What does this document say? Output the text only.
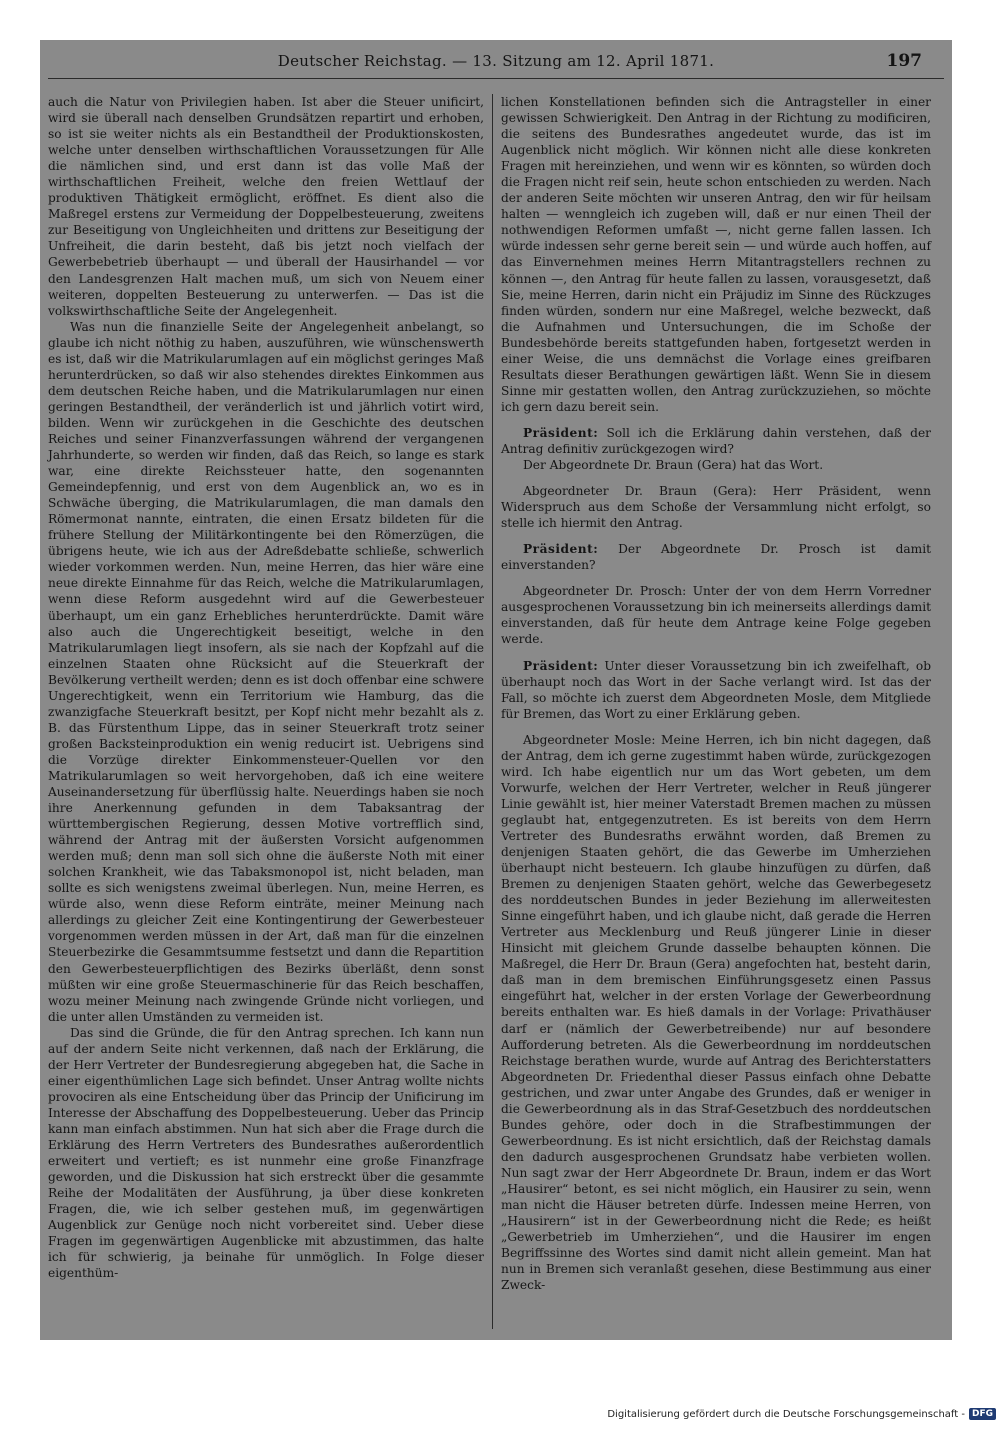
Deutscher Reichstag. — 13. Sitzung am 12. April 1871.	197

auch die Natur von Privilegien haben. Ist aber die Steuer unificirt, wird sie überall nach denselben Grundsätzen repartirt und erhoben, so ist sie weiter nichts als ein Bestandtheil der Produktionskosten, welche unter denselben wirthschaftlichen Voraussetzungen für Alle die nämlichen sind, und erst dann ist das volle Maß der wirthschaftlichen Freiheit, welche den freien Wettlauf der produktiven Thätigkeit ermöglicht, eröffnet. Es dient also die Maßregel erstens zur Vermeidung der Doppelbesteuerung, zweitens zur Beseitigung von Ungleichheiten und drittens zur Beseitigung der Unfreiheit, die darin besteht, daß bis jetzt noch vielfach der Gewerbebetrieb überhaupt — und überall der Hausirhandel — vor den Landesgrenzen Halt machen muß, um sich von Neuem einer weiteren, doppelten Besteuerung zu unterwerfen. — Das ist die volkswirthschaftliche Seite der Angelegenheit.

Was nun die finanzielle Seite der Angelegenheit anbelangt, so glaube ich nicht nöthig zu haben, auszuführen, wie wünschenswerth es ist, daß wir die Matrikularumlagen auf ein möglichst geringes Maß herunterdrücken, so daß wir also stehendes direktes Einkommen aus dem deutschen Reiche haben, und die Matrikularumlagen nur einen geringen Bestandtheil, der veränderlich ist und jährlich votirt wird, bilden. Wenn wir zurückgehen in die Geschichte des deutschen Reiches und seiner Finanzverfassungen während der vergangenen Jahrhunderte, so werden wir finden, daß das Reich, so lange es stark war, eine direkte Reichssteuer hatte, den sogenannten Gemeindepfennig, und erst von dem Augenblick an, wo es in Schwäche überging, die Matrikularumlagen, die man damals den Römermonat nannte, eintraten, die einen Ersatz bildeten für die frühere Stellung der Militärkontingente bei den Römerzügen, die übrigens heute, wie ich aus der Adreßdebatte schließe, schwerlich wieder vorkommen werden. Nun, meine Herren, das hier wäre eine neue direkte Einnahme für das Reich, welche die Matrikularumlagen, wenn diese Reform ausgedehnt wird auf die Gewerbesteuer überhaupt, um ein ganz Erhebliches herunterdrückte. Damit wäre also auch die Ungerechtigkeit beseitigt, welche in den Matrikularumlagen liegt insofern, als sie nach der Kopfzahl auf die einzelnen Staaten ohne Rücksicht auf die Steuerkraft der Bevölkerung vertheilt werden; denn es ist doch offenbar eine schwere Ungerechtigkeit, wenn ein Territorium wie Hamburg, das die zwanzigfache Steuerkraft besitzt, per Kopf nicht mehr bezahlt als z. B. das Fürstenthum Lippe, das in seiner Steuerkraft trotz seiner großen Backsteinproduktion ein wenig reducirt ist. Uebrigens sind die Vorzüge direkter Einkommensteuer-Quellen vor den Matrikularumlagen so weit hervorgehoben, daß ich eine weitere Auseinandersetzung für überflüssig halte. Neuerdings haben sie noch ihre Anerkennung gefunden in dem Tabaksantrag der württembergischen Regierung, dessen Motive vortrefflich sind, während der Antrag mit der äußersten Vorsicht aufgenommen werden muß; denn man soll sich ohne die äußerste Noth mit einer solchen Krankheit, wie das Tabaksmonopol ist, nicht beladen, man sollte es sich wenigstens zweimal überlegen. Nun, meine Herren, es würde also, wenn diese Reform einträte, meiner Meinung nach allerdings zu gleicher Zeit eine Kontingentirung der Gewerbesteuer vorgenommen werden müssen in der Art, daß man für die einzelnen Steuerbezirke die Gesammtsumme festsetzt und dann die Repartition den Gewerbesteuerpflichtigen des Bezirks überläßt, denn sonst müßten wir eine große Steuermaschinerie für das Reich beschaffen, wozu meiner Meinung nach zwingende Gründe nicht vorliegen, und die unter allen Umständen zu vermeiden ist.

Das sind die Gründe, die für den Antrag sprechen. Ich kann nun auf der andern Seite nicht verkennen, daß nach der Erklärung, die der Herr Vertreter der Bundesregierung abgegeben hat, die Sache in einer eigenthümlichen Lage sich befindet. Unser Antrag wollte nichts provociren als eine Entscheidung über das Princip der Unificirung im Interesse der Abschaffung des Doppelbesteuerung. Ueber das Princip kann man einfach abstimmen. Nun hat sich aber die Frage durch die Erklärung des Herrn Vertreters des Bundesrathes außerordentlich erweitert und vertieft; es ist nunmehr eine große Finanzfrage geworden, und die Diskussion hat sich erstreckt über die gesammte Reihe der Modalitäten der Ausführung, ja über diese konkreten Fragen, die, wie ich selber gestehen muß, im gegenwärtigen Augenblick zur Genüge noch nicht vorbereitet sind. Ueber diese Fragen im gegenwärtigen Augenblicke mit abzustimmen, das halte ich für schwierig, ja beinahe für unmöglich. In Folge dieser eigenthüm-

lichen Konstellationen befinden sich die Antragsteller in einer gewissen Schwierigkeit. Den Antrag in der Richtung zu modificiren, die seitens des Bundesrathes angedeutet wurde, das ist im Augenblick nicht möglich. Wir können nicht alle diese konkreten Fragen mit hereinziehen, und wenn wir es könnten, so würden doch die Fragen nicht reif sein, heute schon entschieden zu werden. Nach der anderen Seite möchten wir unseren Antrag, den wir für heilsam halten — wenngleich ich zugeben will, daß er nur einen Theil der nothwendigen Reformen umfaßt —, nicht gerne fallen lassen. Ich würde indessen sehr gerne bereit sein — und würde auch hoffen, auf das Einvernehmen meines Herrn Mitantragstellers rechnen zu können —, den Antrag für heute fallen zu lassen, vorausgesetzt, daß Sie, meine Herren, darin nicht ein Präjudiz im Sinne des Rückzuges finden würden, sondern nur eine Maßregel, welche bezweckt, daß die Aufnahmen und Untersuchungen, die im Schoße der Bundesbehörde bereits stattgefunden haben, fortgesetzt werden in einer Weise, die uns demnächst die Vorlage eines greifbaren Resultats dieser Berathungen gewärtigen läßt. Wenn Sie in diesem Sinne mir gestatten wollen, den Antrag zurückzuziehen, so möchte ich gern dazu bereit sein.

Präsident: Soll ich die Erklärung dahin verstehen, daß der Antrag definitiv zurückgezogen wird?

Der Abgeordnete Dr. Braun (Gera) hat das Wort.

Abgeordneter Dr. Braun (Gera): Herr Präsident, wenn Widerspruch aus dem Schoße der Versammlung nicht erfolgt, so stelle ich hiermit den Antrag.

Präsident: Der Abgeordnete Dr. Prosch ist damit einverstanden?

Abgeordneter Dr. Prosch: Unter der von dem Herrn Vorredner ausgesprochenen Voraussetzung bin ich meinerseits allerdings damit einverstanden, daß für heute dem Antrage keine Folge gegeben werde.

Präsident: Unter dieser Voraussetzung bin ich zweifelhaft, ob überhaupt noch das Wort in der Sache verlangt wird. Ist das der Fall, so möchte ich zuerst dem Abgeordneten Mosle, dem Mitgliede für Bremen, das Wort zu einer Erklärung geben.

Abgeordneter Mosle: Meine Herren, ich bin nicht dagegen, daß der Antrag, dem ich gerne zugestimmt haben würde, zurückgezogen wird. Ich habe eigentlich nur um das Wort gebeten, um dem Vorwurfe, welchen der Herr Vertreter, welcher in Reuß jüngerer Linie gewählt ist, hier meiner Vaterstadt Bremen machen zu müssen geglaubt hat, entgegenzutreten. Es ist bereits von dem Herrn Vertreter des Bundesraths erwähnt worden, daß Bremen zu denjenigen Staaten gehört, die das Gewerbe im Umherziehen überhaupt nicht besteuern. Ich glaube hinzufügen zu dürfen, daß Bremen zu denjenigen Staaten gehört, welche das Gewerbegesetz des norddeutschen Bundes in jeder Beziehung im allerweitesten Sinne eingeführt haben, und ich glaube nicht, daß gerade die Herren Vertreter aus Mecklenburg und Reuß jüngerer Linie in dieser Hinsicht mit gleichem Grunde dasselbe behaupten können. Die Maßregel, die Herr Dr. Braun (Gera) angefochten hat, besteht darin, daß man in dem bremischen Einführungsgesetz einen Passus eingeführt hat, welcher in der ersten Vorlage der Gewerbeordnung bereits enthalten war. Es hieß damals in der Vorlage: Privathäuser darf er (nämlich der Gewerbetreibende) nur auf besondere Aufforderung betreten. Als die Gewerbeordnung im norddeutschen Reichstage berathen wurde, wurde auf Antrag des Berichterstatters Abgeordneten Dr. Friedenthal dieser Passus einfach ohne Debatte gestrichen, und zwar unter Angabe des Grundes, daß er weniger in die Gewerbeordnung als in das Straf-Gesetzbuch des norddeutschen Bundes gehöre, oder doch in die Strafbestimmungen der Gewerbeordnung. Es ist nicht ersichtlich, daß der Reichstag damals den dadurch ausgesprochenen Grundsatz habe verbieten wollen. Nun sagt zwar der Herr Abgeordnete Dr. Braun, indem er das Wort „Hausirer“ betont, es sei nicht möglich, ein Hausirer zu sein, wenn man nicht die Häuser betreten dürfe. Indessen meine Herren, von „Hausirern“ ist in der Gewerbeordnung nicht die Rede; es heißt „Gewerbetrieb im Umherziehen“, und die Hausirer im engen Begriffssinne des Wortes sind damit nicht allein gemeint. Man hat nun in Bremen sich veranlaßt gesehen, diese Bestimmung aus einer Zweck-

Digitalisierung gefördert durch die Deutsche Forschungsgemeinschaft - DFG
